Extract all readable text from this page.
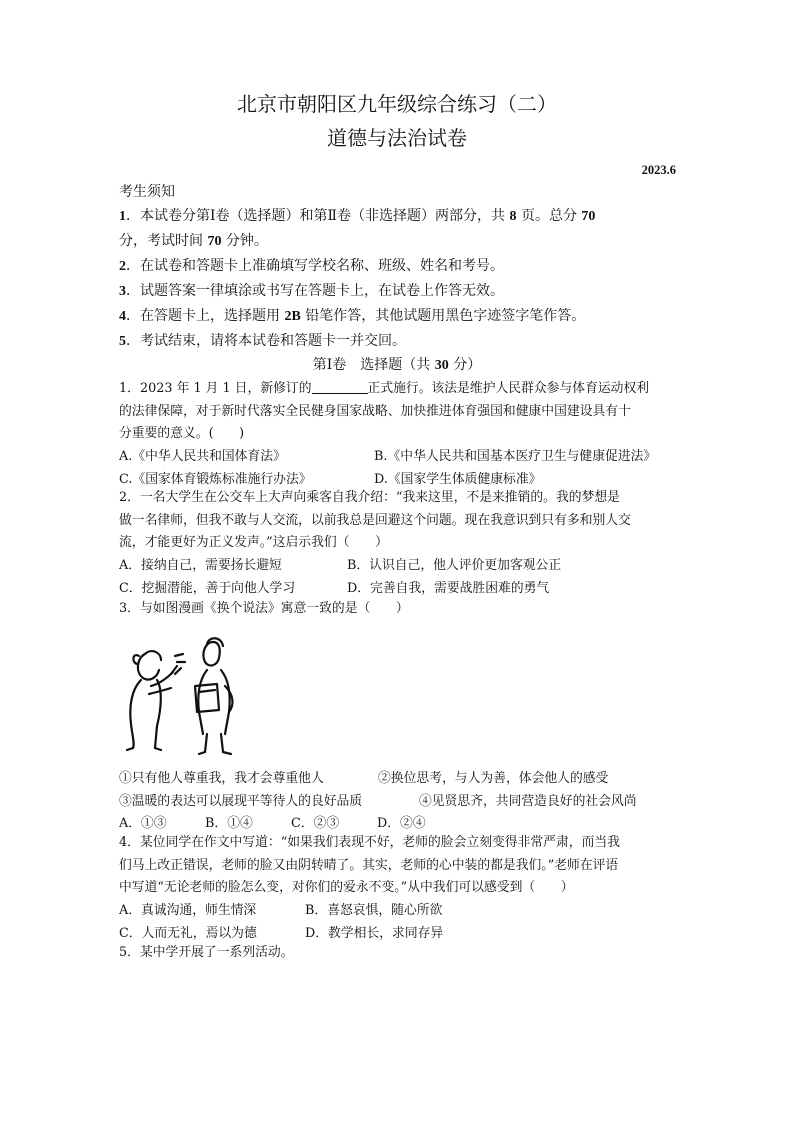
北京市朝阳区九年级综合练习（二）
道德与法治试卷
2023.6

考生须知

1．本试卷分第Ⅰ卷（选择题）和第Ⅱ卷（非选择题）两部分，共 8 页。总分 70

分，考试时间 70 分钟。

2．在试卷和答题卡上准确填写学校名称、班级、姓名和考号。

3．试题答案一律填涂或书写在答题卡上，在试卷上作答无效。

4．在答题卡上，选择题用 2B 铅笔作答，其他试题用黑色字迹签字笔作答。

5．考试结束，请将本试卷和答题卡一并交回。

第Ⅰ卷　选择题（共 30 分）

1．2023 年 1 月 1 日，新修订的	正式施行。该法是维护人民群众参与体育运动权利

的法律保障，对于新时代落实全民健身国家战略、加快推进体育强国和健康中国建设具有十

分重要的意义。(　　)

A.《中华人民共和国体育法》	B.《中华人民共和国基本医疗卫生与健康促进法》
C.《国家体育锻炼标准施行办法》	D.《国家学生体质健康标准》

2．一名大学生在公交车上大声向乘客自我介绍：“我来这里，不是来推销的。我的梦想是

做一名律师，但我不敢与人交流，以前我总是回避这个问题。现在我意识到只有多和别人交

流，才能更好为正义发声。”这启示我们（　　）

A．接纳自己，需要扬长避短	B．认识自己，他人评价更加客观公正
C．挖掘潜能，善于向他人学习	D．完善自我，需要战胜困难的勇气

3．与如图漫画《换个说法》寓意一致的是（　　）

①只有他人尊重我，我才会尊重他人	②换位思考，与人为善，体会他人的感受
③温暖的表达可以展现平等待人的良好品质	④见贤思齐，共同营造良好的社会风尚
A．①③	B．①④	C．②③	D．②④

4．某位同学在作文中写道：“如果我们表现不好，老师的脸会立刻变得非常严肃，而当我

们马上改正错误，老师的脸又由阴转晴了。其实，老师的心中装的都是我们。”老师在评语

中写道“无论老师的脸怎么变，对你们的爱永不变。”从中我们可以感受到（　　）

A．真诚沟通，师生情深	B．喜怒哀惧，随心所欲
C．人而无礼，焉以为德	D．教学相长，求同存异

5．某中学开展了一系列活动。
